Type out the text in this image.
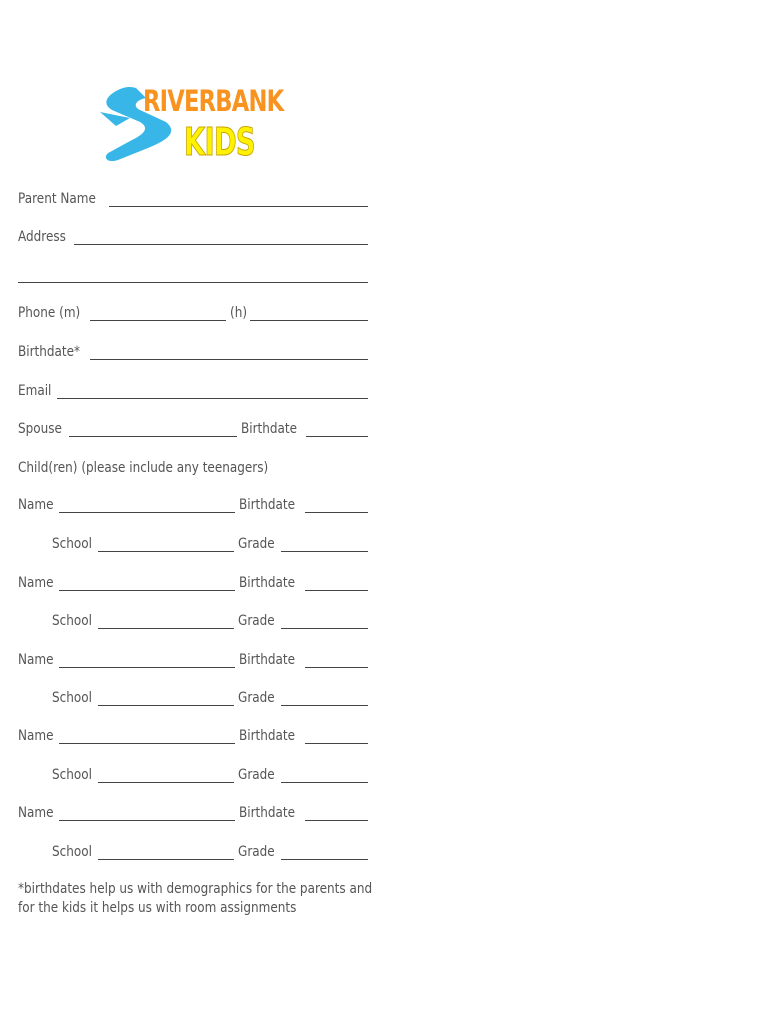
RIVERBANK
KIDS
Parent Name
Address
Phone (m)	(h)
Birthdate*
Email
Spouse	Birthdate
Child(ren) (please include any teenagers)
Name	Birthdate
School	Grade
Name	Birthdate
School	Grade
Name	Birthdate
School	Grade
Name	Birthdate
School	Grade
Name	Birthdate
School	Grade
*birthdates help us with demographics for the parents and for the kids it helps us with room assignments
